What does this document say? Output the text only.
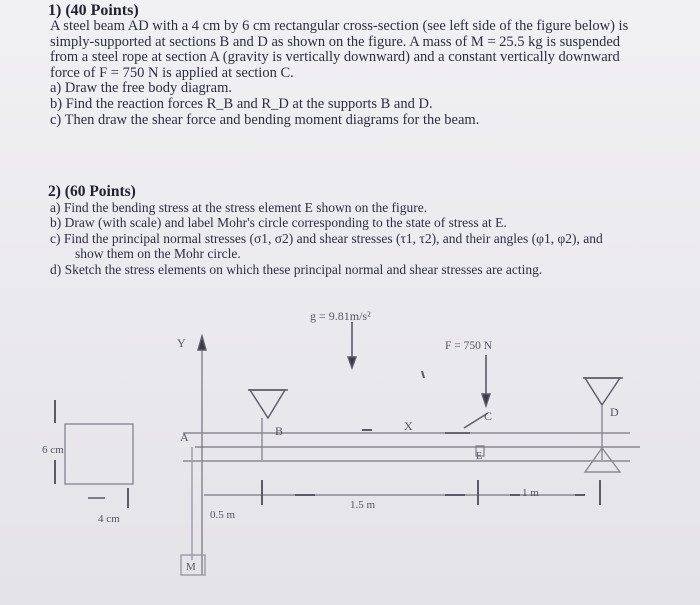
1) (40 Points)
A steel beam AD with a 4 cm by 6 cm rectangular cross-section (see left side of the figure below) is
simply-supported at sections B and D as shown on the figure. A mass of M = 25.5 kg is suspended
from a steel rope at section A (gravity is vertically downward) and a constant vertically downward
force of F = 750 N is applied at section C.
a) Draw the free body diagram.
b) Find the reaction forces R_B and R_D at the supports B and D.
c) Then draw the shear force and bending moment diagrams for the beam.
2) (60 Points)
a) Find the bending stress at the stress element E shown on the figure.
b) Draw (with scale) and label Mohr's circle corresponding to the state of stress at E.
c) Find the principal normal stresses (σ1, σ2) and shear stresses (τ1, τ2), and their angles (φ1, φ2), and
show them on the Mohr circle.
d) Sketch the stress elements on which these principal normal and shear stresses are acting.
g = 9.81m/s²
F = 750 N
Y
X
A	B
C	D
E
M
6 cm
4 cm	0.5 m
1.5 m
1 m
